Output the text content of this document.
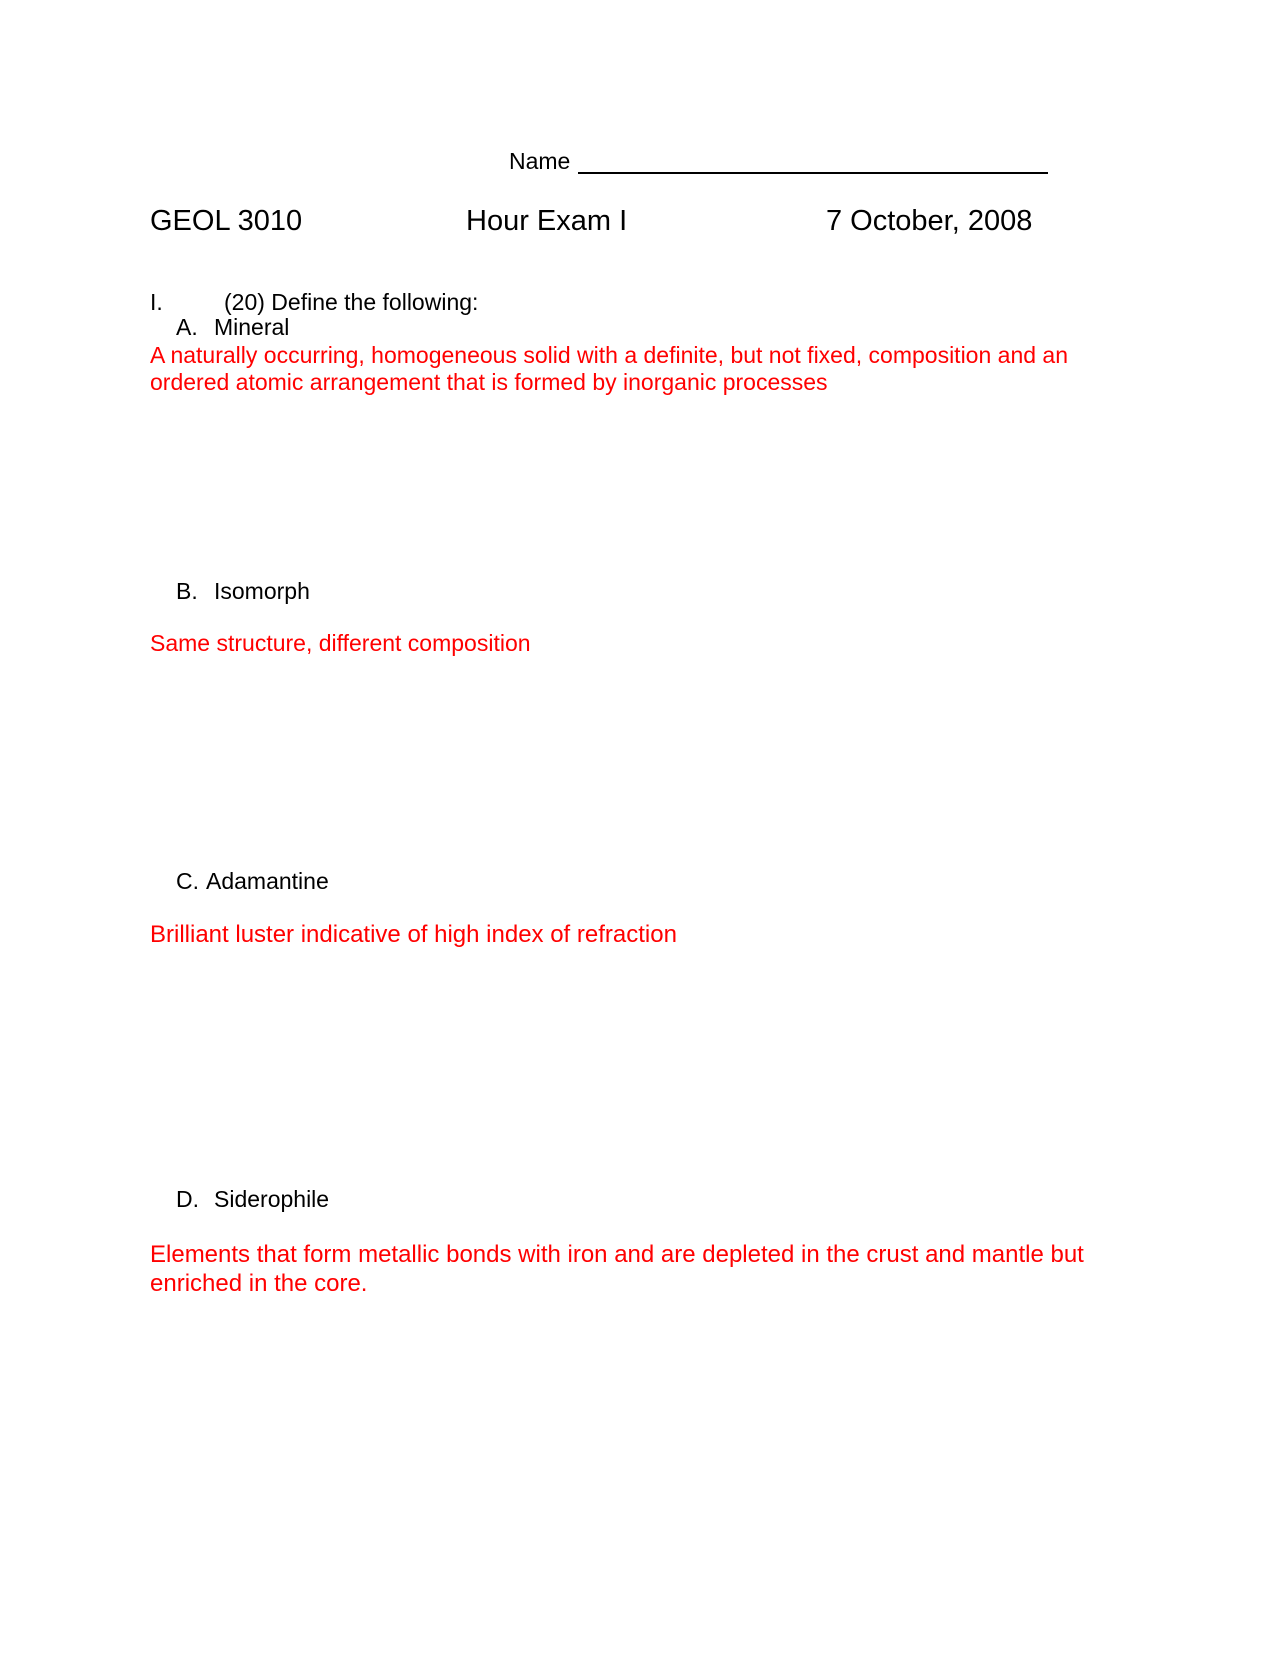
Name
GEOL 3010	Hour Exam I	7 October, 2008
I.	(20) Define the following:
A. Mineral
A naturally occurring, homogeneous solid with a definite, but not fixed, composition and an ordered atomic arrangement that is formed by inorganic processes
B. Isomorph
Same structure, different composition
C. Adamantine
Brilliant luster indicative of high index of refraction
D. Siderophile
Elements that form metallic bonds with iron and are depleted in the crust and mantle but enriched in the core.
